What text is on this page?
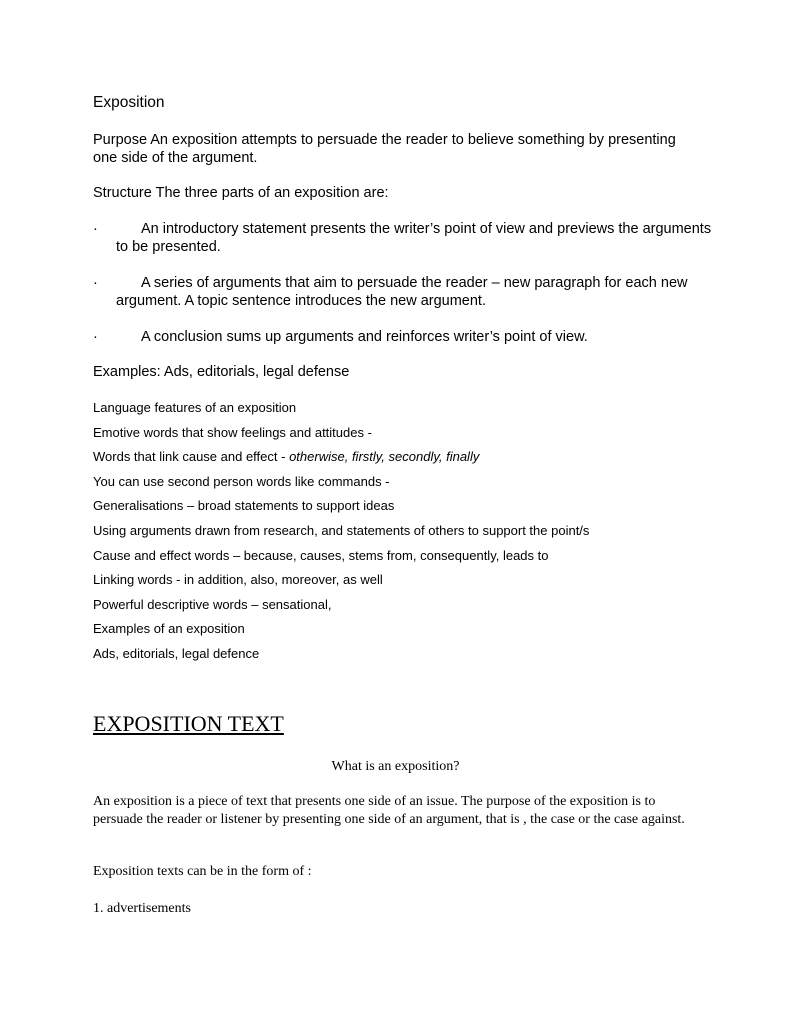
Exposition

Purpose An exposition attempts to persuade the reader to believe something by presenting one side of the argument.

Structure The three parts of an exposition are:

·	An introductory statement presents the writer’s point of view and previews the arguments to be presented.
·	A series of arguments that aim to persuade the reader – new paragraph for each new argument. A topic sentence introduces the new argument.
·	A conclusion sums up arguments and reinforces writer’s point of view.

Examples: Ads, editorials, legal defense

Language features of an exposition
Emotive words that show feelings and attitudes -
Words that link cause and effect - otherwise, firstly, secondly, finally
You can use second person words like commands -
Generalisations – broad statements to support ideas
Using arguments drawn from research, and statements of others to support the point/s
Cause and effect words – because, causes, stems from, consequently, leads to
Linking words - in addition, also, moreover, as well
Powerful descriptive words – sensational,
Examples of an exposition
Ads, editorials, legal defence

EXPOSITION TEXT

What is an exposition?

An exposition is a piece of text that presents one side of an issue. The purpose of the exposition is to persuade the reader or listener by presenting one side of an argument, that is , the case or the case against.

Exposition texts can be in the form of :

1. advertisements
